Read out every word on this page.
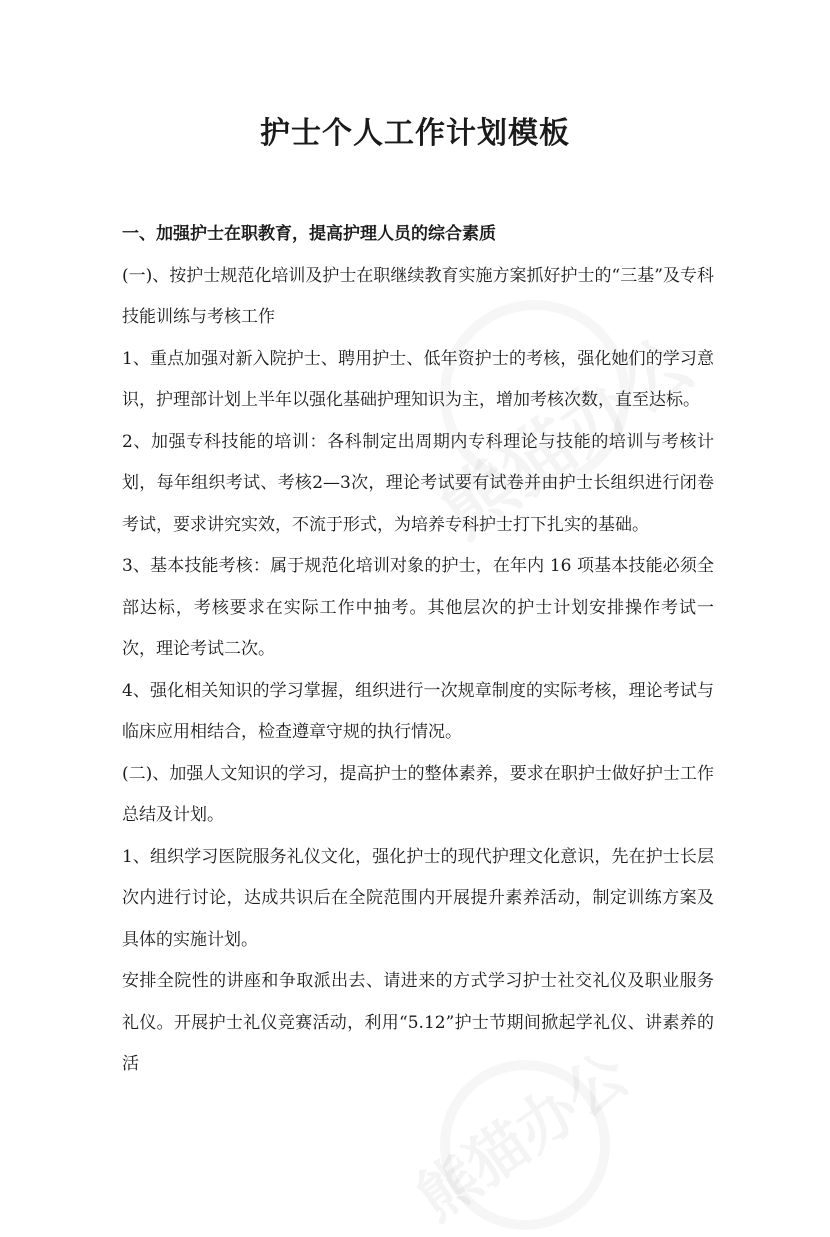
护士个人工作计划模板

一、加强护士在职教育，提高护理人员的综合素质

(一)、按护士规范化培训及护士在职继续教育实施方案抓好护士的“三基”及专科技能训练与考核工作

1、重点加强对新入院护士、聘用护士、低年资护士的考核，强化她们的学习意识，护理部计划上半年以强化基础护理知识为主，增加考核次数，直至达标。

2、加强专科技能的培训：各科制定出周期内专科理论与技能的培训与考核计划，每年组织考试、考核2—3次，理论考试要有试卷并由护士长组织进行闭卷考试，要求讲究实效，不流于形式，为培养专科护士打下扎实的基础。

3、基本技能考核：属于规范化培训对象的护士，在年内 16 项基本技能必须全部达标，考核要求在实际工作中抽考。其他层次的护士计划安排操作考试一次，理论考试二次。

4、强化相关知识的学习掌握，组织进行一次规章制度的实际考核，理论考试与临床应用相结合，检查遵章守规的执行情况。

(二)、加强人文知识的学习，提高护士的整体素养，要求在职护士做好护士工作总结及计划。

1、组织学习医院服务礼仪文化，强化护士的现代护理文化意识，先在护士长层次内进行讨论，达成共识后在全院范围内开展提升素养活动，制定训练方案及具体的实施计划。

安排全院性的讲座和争取派出去、请进来的方式学习护士社交礼仪及职业服务礼仪。开展护士礼仪竞赛活动，利用“5.12”护士节期间掀起学礼仪、讲素养的活
